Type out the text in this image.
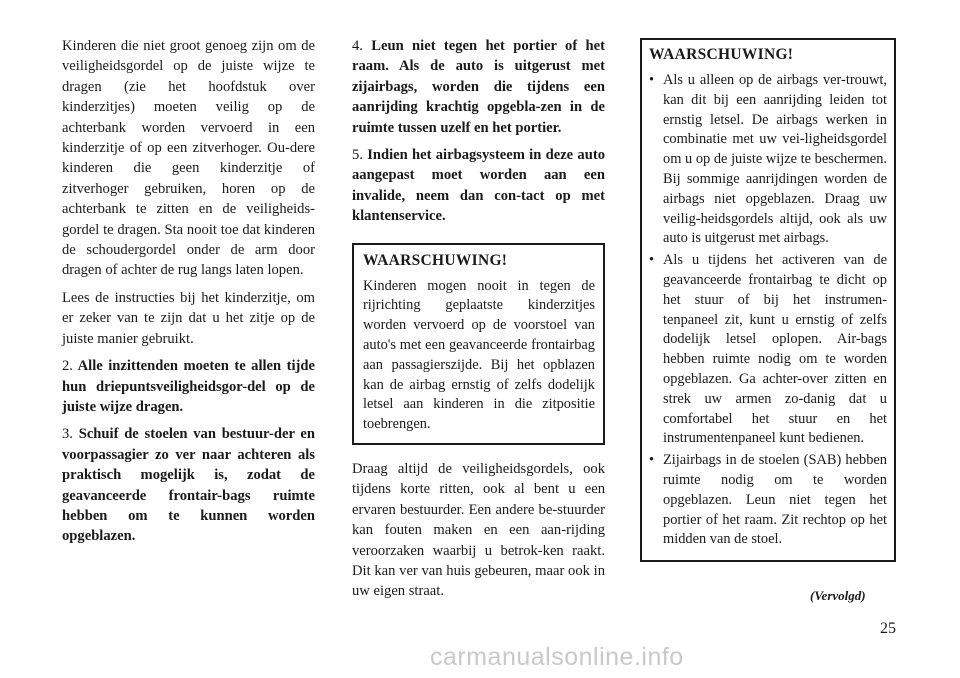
Kinderen die niet groot genoeg zijn om de veiligheidsgordel op de juiste wijze te dragen (zie het hoofdstuk over kinderzitjes) moeten veilig op de achterbank worden vervoerd in een kinderzitje of op een zitverhoger. Ou-dere kinderen die geen kinderzitje of zitverhoger gebruiken, horen op de achterbank te zitten en de veiligheids-gordel te dragen. Sta nooit toe dat kinderen de schoudergordel onder de arm door dragen of achter de rug langs laten lopen.

Lees de instructies bij het kinderzitje, om er zeker van te zijn dat u het zitje op de juiste manier gebruikt.

2. Alle inzittenden moeten te allen tijde hun driepuntsveiligheidsgor-del op de juiste wijze dragen.

3. Schuif de stoelen van bestuur-der en voorpassagier zo ver naar achteren als praktisch mogelijk is, zodat de geavanceerde frontair-bags ruimte hebben om te kunnen worden opgeblazen.

4. Leun niet tegen het portier of het raam. Als de auto is uitgerust met zijairbags, worden die tijdens een aanrijding krachtig opgebla-zen in de ruimte tussen uzelf en het portier.

5. Indien het airbagsysteem in deze auto aangepast moet worden aan een invalide, neem dan con-tact op met klantenservice.

WAARSCHUWING!

Kinderen mogen nooit in tegen de rijrichting geplaatste kinderzitjes worden vervoerd op de voorstoel van auto's met een geavanceerde frontairbag aan passagierszijde. Bij het opblazen kan de airbag ernstig of zelfs dodelijk letsel aan kinderen in die zitpositie toebrengen.

Draag altijd de veiligheidsgordels, ook tijdens korte ritten, ook al bent u een ervaren bestuurder. Een andere be-stuurder kan fouten maken en een aan-rijding veroorzaken waarbij u betrok-ken raakt. Dit kan ver van huis gebeuren, maar ook in uw eigen straat.

WAARSCHUWING!
• Als u alleen op de airbags ver-trouwt, kan dit bij een aanrijding leiden tot ernstig letsel. De airbags werken in combinatie met uw vei-ligheidsgordel om u op de juiste wijze te beschermen. Bij sommige aanrijdingen worden de airbags niet opgeblazen. Draag uw veilig-heidsgordels altijd, ook als uw auto is uitgerust met airbags.
• Als u tijdens het activeren van de geavanceerde frontairbag te dicht op het stuur of bij het instrumen-tenpaneel zit, kunt u ernstig of zelfs dodelijk letsel oplopen. Air-bags hebben ruimte nodig om te worden opgeblazen. Ga achter-over zitten en strek uw armen zo-danig dat u comfortabel het stuur en het instrumentenpaneel kunt bedienen.
• Zijairbags in de stoelen (SAB) hebben ruimte nodig om te worden opgeblazen. Leun niet tegen het portier of het raam. Zit rechtop op het midden van de stoel.
(Vervolgd)
25
carmanualsonline.info
